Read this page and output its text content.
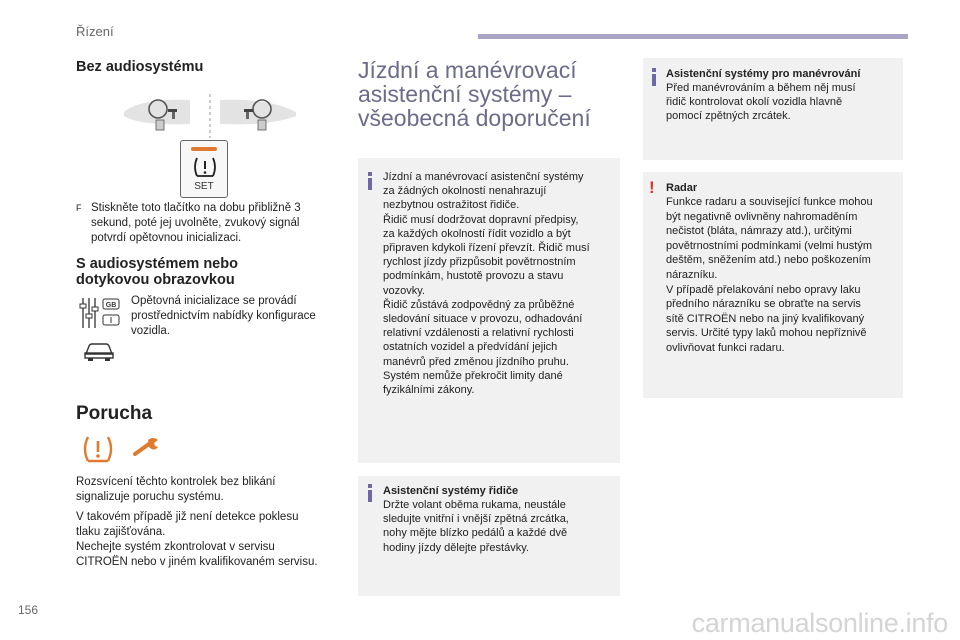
Řízení
Bez audiosystému
SET
F Stiskněte toto tlačítko na dobu přibližně 3
sekund, poté jej uvolněte, zvukový signál
potvrdí opětovnou inicializaci.
S audiosystémem nebo
dotykovou obrazovkou
GB Opětovná inicializace se provádí
prostřednictvím nabídky konfigurace
vozidla.
Porucha
Rozsvícení těchto kontrolek bez blikání
signalizuje poruchu systému.
V takovém případě již není detekce poklesu
tlaku zajišťována.
Nechejte systém zkontrolovat v servisu
CITROËN nebo v jiném kvalifikovaném servisu.
Jízdní a manévrovací
asistenční systémy –
všeobecná doporučení
Jízdní a manévrovací asistenční systémy
za žádných okolností nenahrazují
nezbytnou ostražitost řidiče.
Řidič musí dodržovat dopravní předpisy,
za každých okolností řídit vozidlo a být
připraven kdykoli řízení převzít. Řidič musí
rychlost jízdy přizpůsobit povětrnostním
podmínkám, hustotě provozu a stavu
vozovky.
Řidič zůstává zodpovědný za průběžné
sledování situace v provozu, odhadování
relativní vzdálenosti a relativní rychlosti
ostatních vozidel a předvídání jejich
manévrů před změnou jízdního pruhu.
Systém nemůže překročit limity dané
fyzikálními zákony.
Asistenční systémy řidiče
Držte volant oběma rukama, neustále
sledujte vnitřní i vnější zpětná zrcátka,
nohy mějte blízko pedálů a každé dvě
hodiny jízdy dělejte přestávky.
Asistenční systémy pro manévrování
Před manévrováním a během něj musí
řidič kontrolovat okolí vozidla hlavně
pomocí zpětných zrcátek.
! Radar
Funkce radaru a související funkce mohou
být negativně ovlivněny nahromaděním
nečistot (bláta, námrazy atd.), určitými
povětrnostními podmínkami (velmi hustým
deštěm, sněžením atd.) nebo poškozením
nárazníku.
V případě přelakování nebo opravy laku
předního nárazníku se obraťte na servis
sítě CITROËN nebo na jiný kvalifikovaný
servis. Určité typy laků mohou nepříznivě
ovlivňovat funkci radaru.
156	carmanualsonline.info
